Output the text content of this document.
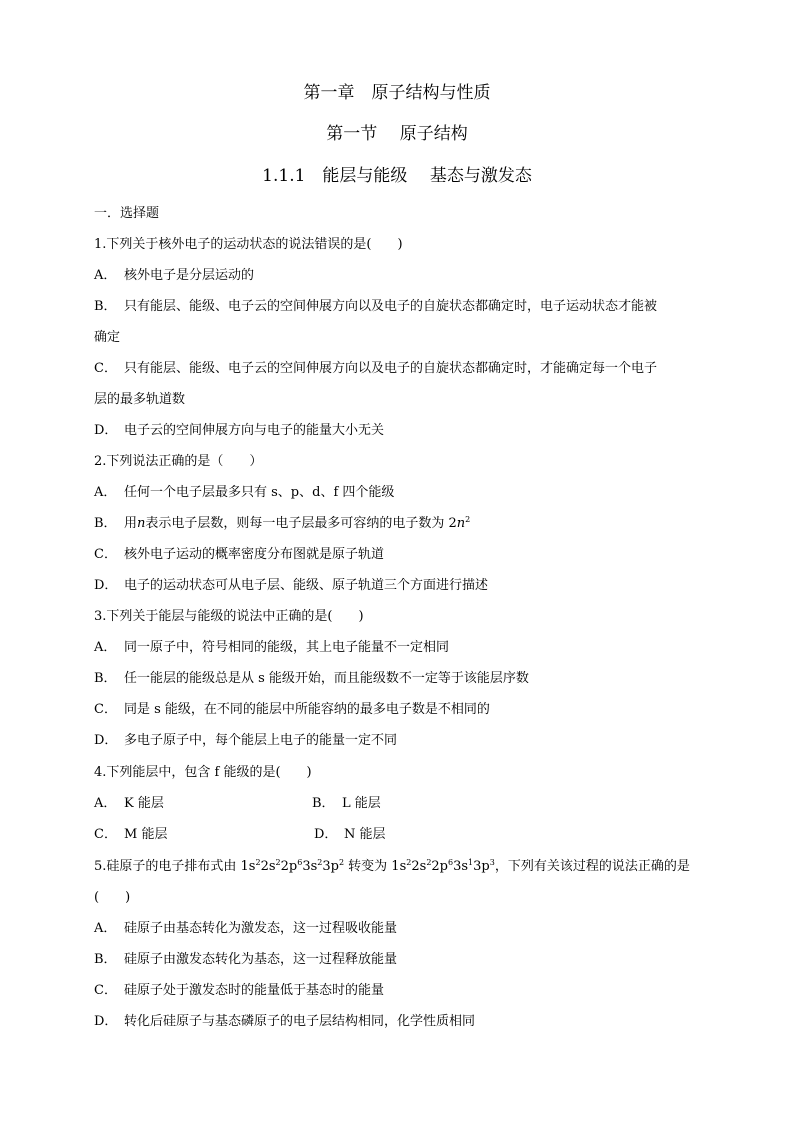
第一章　原子结构与性质
第一节　 原子结构
1.1.1　能层与能级　 基态与激发态
一．选择题
1.下列关于核外电子的运动状态的说法错误的是(　　)
A． 核外电子是分层运动的
B． 只有能层、能级、电子云的空间伸展方向以及电子的自旋状态都确定时，电子运动状态才能被
确定
C． 只有能层、能级、电子云的空间伸展方向以及电子的自旋状态都确定时，才能确定每一个电子
层的最多轨道数
D． 电子云的空间伸展方向与电子的能量大小无关
2.下列说法正确的是（　　）
A． 任何一个电子层最多只有 s、p、d、f 四个能级
B． 用n表示电子层数，则每一电子层最多可容纳的电子数为 $2n^2$
C． 核外电子运动的概率密度分布图就是原子轨道
D． 电子的运动状态可从电子层、能级、原子轨道三个方面进行描述
3.下列关于能层与能级的说法中正确的是(　　)
A． 同一原子中，符号相同的能级，其上电子能量不一定相同
B． 任一能层的能级总是从 s 能级开始，而且能级数不一定等于该能层序数
C． 同是 s 能级，在不同的能层中所能容纳的最多电子数是不相同的
D． 多电子原子中，每个能层上电子的能量一定不同
4.下列能层中，包含 f 能级的是(　　)
A． K 能层	B． L 能层
C． M 能层	D． N 能层
5.硅原子的电子排布式由 $1s^22s^22p^63s^23p^2$ 转变为 $1s^22s^22p^63s^13p^3$，下列有关该过程的说法正确的是
(　　)
A． 硅原子由基态转化为激发态，这一过程吸收能量
B． 硅原子由激发态转化为基态，这一过程释放能量
C． 硅原子处于激发态时的能量低于基态时的能量
D． 转化后硅原子与基态磷原子的电子层结构相同，化学性质相同
